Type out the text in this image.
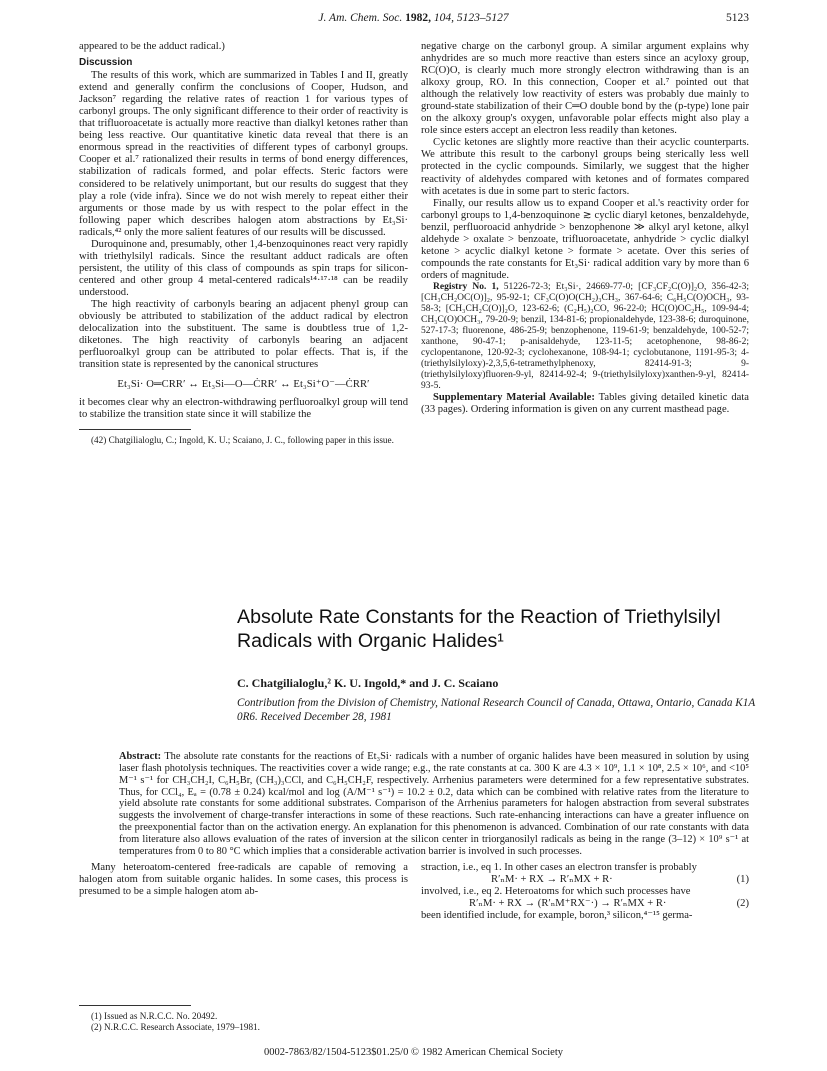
J. Am. Chem. Soc. 1982, 104, 5123–5127	5123

appeared to be the adduct radical.)

Discussion

The results of this work, which are summarized in Tables I and II, greatly extend and generally confirm the conclusions of Cooper, Hudson, and Jackson⁷ regarding the relative rates of reaction 1 for various types of carbonyl groups. The only significant difference to their order of reactivity is that trifluoroacetate is actually more reactive than dialkyl ketones rather than being less reactive. Our quantitative kinetic data reveal that there is an enormous spread in the reactivities of different types of carbonyl groups. Cooper et al.⁷ rationalized their results in terms of bond energy differences, stabilization of radicals formed, and polar effects. Steric factors were considered to be relatively unimportant, but our results do suggest that they play a role (vide infra). Since we do not wish merely to repeat either their arguments or those made by us with respect to the polar effect in the following paper which describes halogen atom abstractions by Et₃Si· radicals,⁴² only the more salient features of our results will be discussed.

Duroquinone and, presumably, other 1,4-benzoquinones react very rapidly with triethylsilyl radicals. Since the resultant adduct radicals are often persistent, the utility of this class of compounds as spin traps for silicon-centered and other group 4 metal-centered radicals¹⁴·¹⁷·¹⁸ can be readily understood.

The high reactivity of carbonyls bearing an adjacent phenyl group can obviously be attributed to stabilization of the adduct radical by electron delocalization into the substituent. The same is doubtless true of 1,2-diketones. The high reactivity of carbonyls bearing an adjacent perfluoroalkyl group can be attributed to polar effects. That is, if the transition state is represented by the canonical structures

Et₃Si· O═CRR′ ↔ Et₃Si—O—ĊRR′ ↔ Et₃Si⁺O⁻—ĊRR′

it becomes clear why an electron-withdrawing perfluoroalkyl group will tend to stabilize the transition state since it will stabilize the

(42) Chatgilialoglu, C.; Ingold, K. U.; Scaiano, J. C., following paper in this issue.

negative charge on the carbonyl group. A similar argument explains why anhydrides are so much more reactive than esters since an acyloxy group, RC(O)O, is clearly much more strongly electron withdrawing than is an alkoxy group, RO. In this connection, Cooper et al.⁷ pointed out that although the relatively low reactivity of esters was probably due mainly to ground-state stabilization of their C═O double bond by the (p-type) lone pair on the alkoxy group's oxygen, unfavorable polar effects might also play a role since esters accept an electron less readily than ketones.

Cyclic ketones are slightly more reactive than their acyclic counterparts. We attribute this result to the carbonyl groups being sterically less well protected in the cyclic compounds. Similarly, we suggest that the higher reactivity of aldehydes compared with ketones and of formates compared with acetates is due in some part to steric factors.

Finally, our results allow us to expand Cooper et al.'s reactivity order for carbonyl groups to 1,4-benzoquinone ≳ cyclic diaryl ketones, benzaldehyde, benzil, perfluoroacid anhydride > benzophenone ≫ alkyl aryl ketone, alkyl aldehyde > oxalate > benzoate, trifluoroacetate, anhydride > cyclic dialkyl ketone > acyclic dialkyl ketone > formate > acetate. Over this series of compounds the rate constants for Et₃Si· radical addition vary by more than 6 orders of magnitude.

Registry No. 1, 51226-72-3; Et₃Si·, 24669-77-0; [CF₃CF₂C(O)]₂O, 356-42-3; [CH₃CH₂OC(O)]₂, 95-92-1; CF₃C(O)O(CH₂)₃CH₃, 367-64-6; C₆H₅C(O)OCH₃, 93-58-3; [CH₃CH₂C(O)]₂O, 123-62-6; (C₂H₅)₂CO, 96-22-0; HC(O)OC₂H₅, 109-94-4; CH₃C(O)OCH₃, 79-20-9; benzil, 134-81-6; propionaldehyde, 123-38-6; duroquinone, 527-17-3; fluorenone, 486-25-9; benzophenone, 119-61-9; benzaldehyde, 100-52-7; xanthone, 90-47-1; p-anisaldehyde, 123-11-5; acetophenone, 98-86-2; cyclopentanone, 120-92-3; cyclohexanone, 108-94-1; cyclobutanone, 1191-95-3; 4-(triethylsilyloxy)-2,3,5,6-tetramethylphenoxy, 82414-91-3; 9-(triethylsilyloxy)fluoren-9-yl, 82414-92-4; 9-(triethylsilyloxy)xanthen-9-yl, 82414-93-5.

Supplementary Material Available: Tables giving detailed kinetic data (33 pages). Ordering information is given on any current masthead page.

Absolute Rate Constants for the Reaction of Triethylsilyl Radicals with Organic Halides¹
C. Chatgilialoglu,² K. U. Ingold,* and J. C. Scaiano
Contribution from the Division of Chemistry, National Research Council of Canada, Ottawa, Ontario, Canada K1A 0R6. Received December 28, 1981
Abstract: The absolute rate constants for the reactions of Et₃Si· radicals with a number of organic halides have been measured in solution by using laser flash photolysis techniques. The reactivities cover a wide range; e.g., the rate constants at ca. 300 K are 4.3 × 10⁹, 1.1 × 10⁸, 2.5 × 10⁶, and <10⁵ M⁻¹ s⁻¹ for CH₃CH₂I, C₆H₅Br, (CH₃)₃CCl, and C₆H₅CH₂F, respectively. Arrhenius parameters were determined for a few representative substrates. Thus, for CCl₄, Eₐ = (0.78 ± 0.24) kcal/mol and log (A/M⁻¹ s⁻¹) = 10.2 ± 0.2, data which can be combined with relative rates from the literature to yield absolute rate constants for some additional substrates. Comparison of the Arrhenius parameters for halogen abstraction from several substrates suggests the involvement of charge-transfer interactions in some of these reactions. Such rate-enhancing interactions can have a greater influence on the preexponential factor than on the activation energy. An explanation for this phenomenon is advanced. Combination of our rate constants with data from literature also allows evaluation of the rates of inversion at the silicon center in triorganosilyl radicals as being in the range (3–12) × 10⁹ s⁻¹ at temperatures from 0 to 80 °C which implies that a considerable activation barrier is involved in such processes.

Many heteroatom-centered free-radicals are capable of removing a halogen atom from suitable organic halides. In some cases, this process is presumed to be a simple halogen atom ab-

straction, i.e., eq 1. In other cases an electron transfer is probably

R′ₙM· + RX → R′ₙMX + R·	(1)

involved, i.e., eq 2. Heteroatoms for which such processes have

R′ₙM· + RX → (R′ₙM⁺RX⁻·) → R′ₙMX + R·	(2)

been identified include, for example, boron,³ silicon,⁴⁻¹⁵ germa-

(1) Issued as N.R.C.C. No. 20492.

(2) N.R.C.C. Research Associate, 1979–1981.

0002-7863/82/1504-5123$01.25/0 © 1982 American Chemical Society
